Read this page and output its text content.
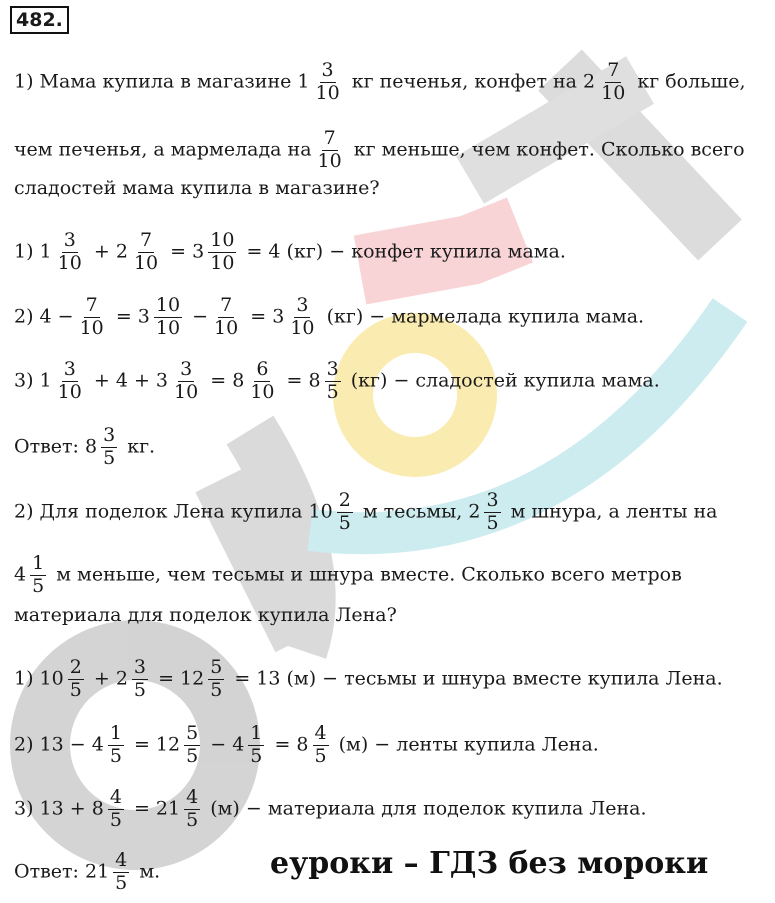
482.
1) Мама купила в магазине $1 \frac{3}{10}$ кг печенья, конфет на $2 \frac{7}{10}$ кг больше,
чем печенья, а мармелада на $\frac{7}{10}$ кг меньше, чем конфет. Сколько всего
сладостей мама купила в магазине?
1) $1 \frac{3}{10} + 2 \frac{7}{10} = 3 \frac{10}{10} = 4$ (кг) − конфет купила мама.
2) $4 - \frac{7}{10} = 3 \frac{10}{10} - \frac{7}{10} = 3 \frac{3}{10} (кг)$ − мармелада купила мама.
3) $1 \frac{3}{10} + 4 + 3 \frac{3}{10} = 8 \frac{6}{10} = 8 \frac{3}{5} (кг)$ − сладостей купила мама.
Ответ: $8 \frac{3}{5}$ кг.
2) Для поделок Лена купила $10 \frac{2}{5}$ м тесьмы, $2 \frac{3}{5}$ м шнура, а ленты на
$4 \frac{1}{5}$ м меньше, чем тесьмы и шнура вместе. Сколько всего метров
материала для поделок купила Лена?
1) $10 \frac{2}{5} + 2 \frac{3}{5} = 12 \frac{5}{5} = 13$ (м) − тесьмы и шнура вместе купила Лена.
2) $13 - 4 \frac{1}{5} = 12 \frac{5}{5} - 4 \frac{1}{5} = 8 \frac{4}{5} (м)$ − ленты купила Лена.
3) $13 + 8 \frac{4}{5} = 21 \frac{4}{5} (м)$ − материала для поделок купила Лена.
Ответ: $21 \frac{4}{5} м$.	еуроки – ГДЗ без мороки
